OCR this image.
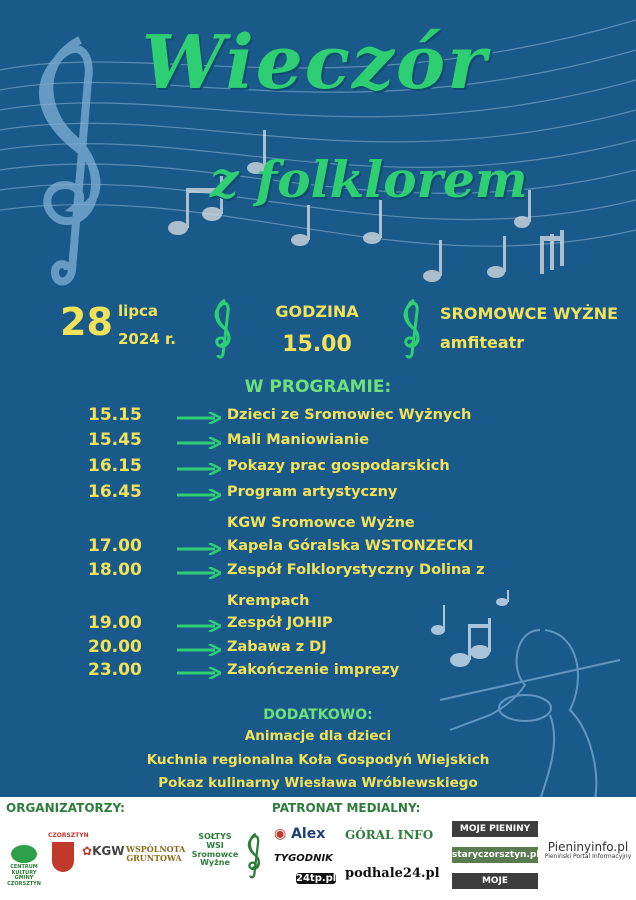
Wieczór
z folklorem
28 lipca
2024 r.
GODZINA
15.00
SROMOWCE WYŻNE
amfiteatr
W PROGRAMIE:
15.15	Dzieci ze Sromowiec Wyżnych
15.45	Mali Maniowianie
16.15	Pokazy prac gospodarskich
16.45	Program artystyczny
KGW Sromowce Wyżne
17.00	Kapela Góralska WSTONZECKI
18.00	Zespół Folklorystyczny Dolina z
Krempach
19.00	Zespół JOHIP
20.00	Zabawa z DJ
23.00	Zakończenie imprezy
DODATKOWO:
Animacje dla dzieci
Kuchnia regionalna Koła Gospodyń Wiejskich
Pokaz kulinarny Wiesława Wróblewskiego
ORGANIZATORZY:	PATRONAT MEDIALNY:
CENTRUM KULTURY GMINY CZORSZTYN
CZORSZTYN
✿KGW WSPÓLNOTA GRUNTOWA
SOŁTYS WSI Sromowce Wyżne
◉ Alex
TYGODNIK
24tp.pl
GÓRAL INFO
podhale24.pl
MOJE PIENINY
staryczorsztyn.pl
MOJE BIESZCZADY
Pieninyinfo.pl
Pieniński Portal Informacyjny
